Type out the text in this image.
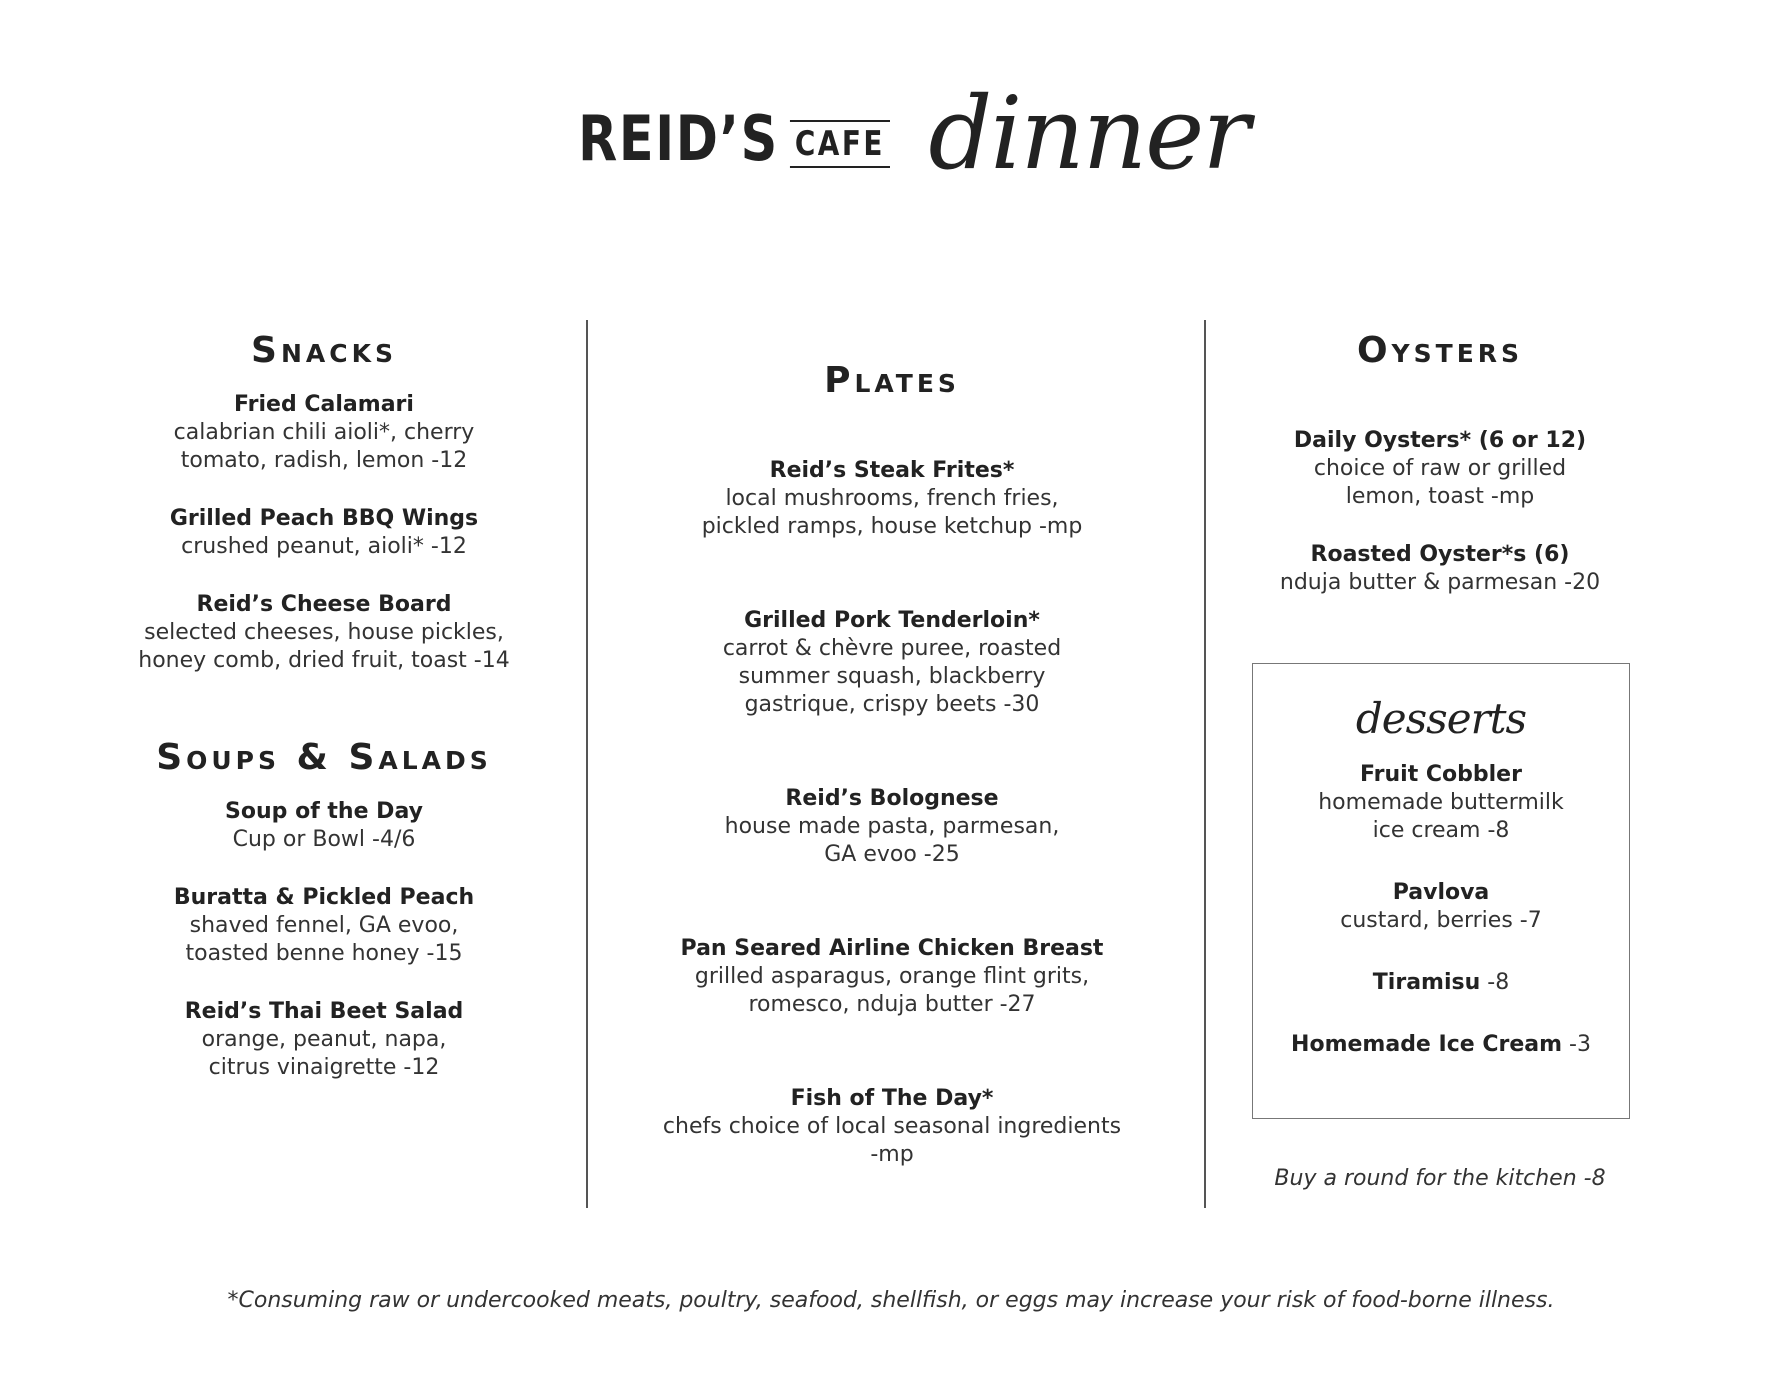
REID’S CAFE dinner
Snacks
Fried Calamari
calabrian chili aioli*, cherry
tomato, radish, lemon -12
Grilled Peach BBQ Wings
crushed peanut, aioli* -12
Reid’s Cheese Board
selected cheeses, house pickles,
honey comb, dried fruit, toast -14
Soups & Salads
Soup of the Day
Cup or Bowl -4/6
Buratta & Pickled Peach
shaved fennel, GA evoo,
toasted benne honey -15
Reid’s Thai Beet Salad
orange, peanut, napa,
citrus vinaigrette -12
Plates
Reid’s Steak Frites*
local mushrooms, french fries,
pickled ramps, house ketchup -mp
Grilled Pork Tenderloin*
carrot & chèvre puree, roasted
summer squash, blackberry
gastrique, crispy beets -30
Reid’s Bolognese
house made pasta, parmesan,
GA evoo -25
Pan Seared Airline Chicken Breast
grilled asparagus, orange flint grits,
romesco, nduja butter -27
Fish of The Day*
chefs choice of local seasonal ingredients
-mp
Oysters
Daily Oysters* (6 or 12)
choice of raw or grilled
lemon, toast -mp
Roasted Oyster*s (6)
nduja butter & parmesan -20
desserts
Fruit Cobbler
homemade buttermilk
ice cream -8
Pavlova
custard, berries -7
Tiramisu -8
Homemade Ice Cream -3
Buy a round for the kitchen -8
*Consuming raw or undercooked meats, poultry, seafood, shellfish, or eggs may increase your risk of food-borne illness.
